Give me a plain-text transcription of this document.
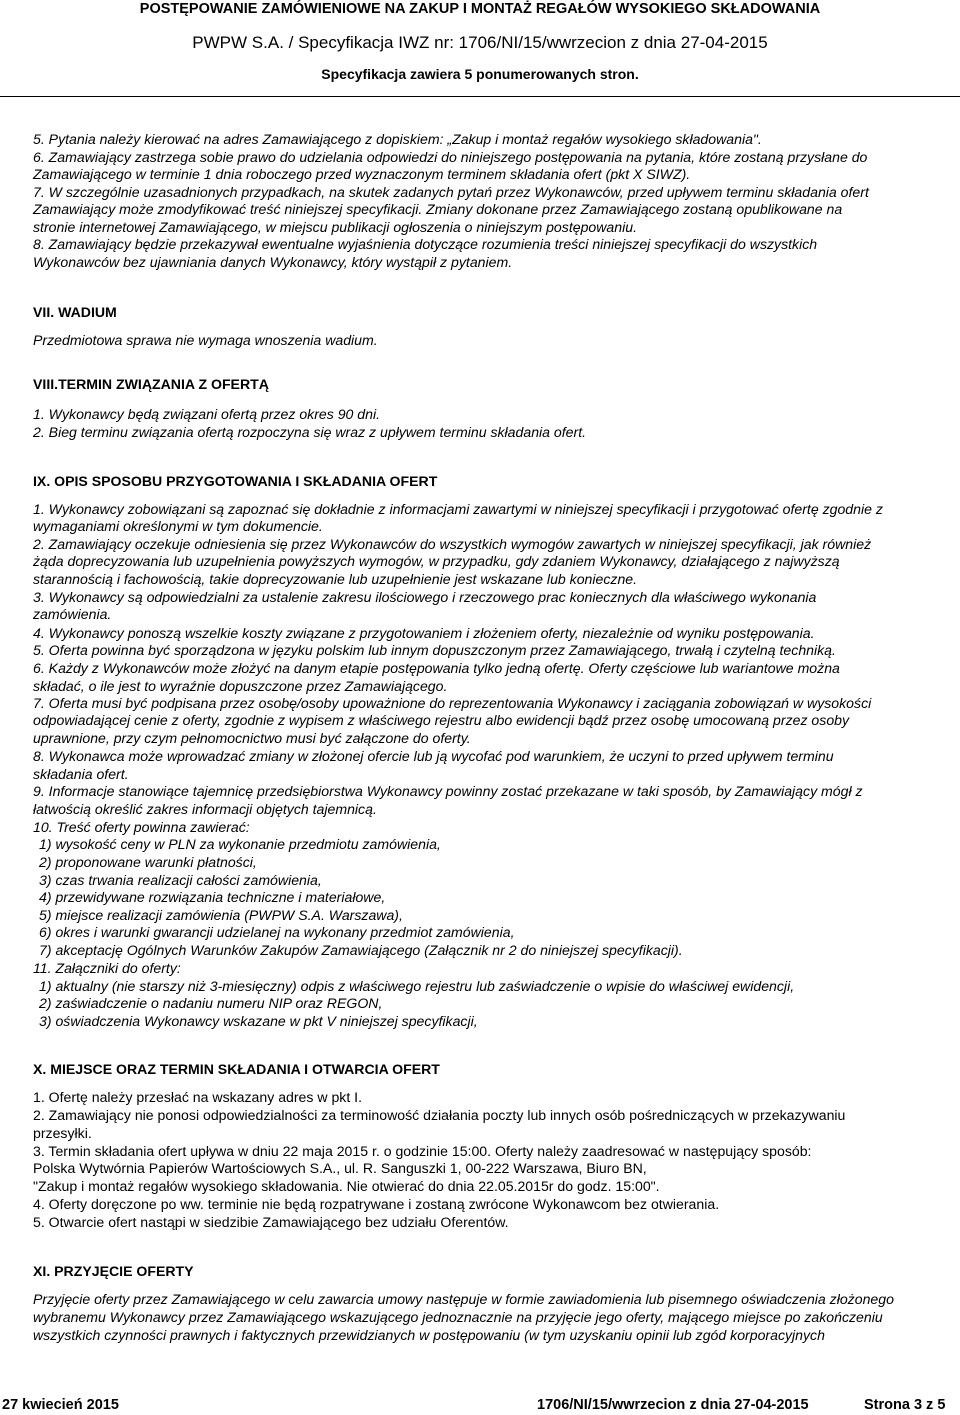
POSTĘPOWANIE ZAMÓWIENIOWE NA ZAKUP I MONTAŻ REGAŁÓW WYSOKIEGO SKŁADOWANIA
PWPW S.A. / Specyfikacja IWZ nr: 1706/NI/15/wwrzecion z dnia 27-04-2015
Specyfikacja zawiera 5 ponumerowanych stron.
5. Pytania należy kierować na adres Zamawiającego z dopiskiem: „Zakup i montaż regałów wysokiego składowania".
6. Zamawiający zastrzega sobie prawo do udzielania odpowiedzi do niniejszego postępowania na pytania, które zostaną przysłane do
Zamawiającego w terminie 1 dnia roboczego przed wyznaczonym terminem składania ofert (pkt X SIWZ).
7. W szczególnie uzasadnionych przypadkach, na skutek zadanych pytań przez Wykonawców, przed upływem terminu składania ofert
Zamawiający może zmodyfikować treść niniejszej specyfikacji. Zmiany dokonane przez Zamawiającego zostaną opublikowane na
stronie internetowej Zamawiającego, w miejscu publikacji ogłoszenia o niniejszym postępowaniu.
8. Zamawiający będzie przekazywał ewentualne wyjaśnienia dotyczące rozumienia treści niniejszej specyfikacji do wszystkich
Wykonawców bez ujawniania danych Wykonawcy, który wystąpił z pytaniem.
VII. WADIUM
Przedmiotowa sprawa nie wymaga wnoszenia wadium.
VIII.TERMIN ZWIĄZANIA Z OFERTĄ
1. Wykonawcy będą związani ofertą przez okres 90 dni.
2. Bieg terminu związania ofertą rozpoczyna się wraz z upływem terminu składania ofert.
IX. OPIS SPOSOBU PRZYGOTOWANIA I SKŁADANIA OFERT
1. Wykonawcy zobowiązani są zapoznać się dokładnie z informacjami zawartymi w niniejszej specyfikacji i przygotować ofertę zgodnie z
wymaganiami określonymi w tym dokumencie.
2. Zamawiający oczekuje odniesienia się przez Wykonawców do wszystkich wymogów zawartych w niniejszej specyfikacji, jak również
żąda doprecyzowania lub uzupełnienia powyższych wymogów, w przypadku, gdy zdaniem Wykonawcy, działającego z najwyższą
starannością i fachowością, takie doprecyzowanie lub uzupełnienie jest wskazane lub konieczne.
3. Wykonawcy są odpowiedzialni za ustalenie zakresu ilościowego i rzeczowego prac koniecznych dla właściwego wykonania
zamówienia.
4. Wykonawcy ponoszą wszelkie koszty związane z przygotowaniem i złożeniem oferty, niezależnie od wyniku postępowania.
5. Oferta powinna być sporządzona w języku polskim lub innym dopuszczonym przez Zamawiającego, trwałą i czytelną techniką.
6. Każdy z Wykonawców może złożyć na danym etapie postępowania tylko jedną ofertę. Oferty częściowe lub wariantowe można
składać, o ile jest to wyraźnie dopuszczone przez Zamawiającego.
7. Oferta musi być podpisana przez osobę/osoby upoważnione do reprezentowania Wykonawcy i zaciągania zobowiązań w wysokości
odpowiadającej cenie z oferty, zgodnie z wypisem z właściwego rejestru albo ewidencji bądź przez osobę umocowaną przez osoby
uprawnione, przy czym pełnomocnictwo musi być załączone do oferty.
8. Wykonawca może wprowadzać zmiany w złożonej ofercie lub ją wycofać pod warunkiem, że uczyni to przed upływem terminu
składania ofert.
9. Informacje stanowiące tajemnicę przedsiębiorstwa Wykonawcy powinny zostać przekazane w taki sposób, by Zamawiający mógł z
łatwością określić zakres informacji objętych tajemnicą.
10. Treść oferty powinna zawierać:
1) wysokość ceny w PLN za wykonanie przedmiotu zamówienia,
2) proponowane warunki płatności,
3) czas trwania realizacji całości zamówienia,
4) przewidywane rozwiązania techniczne i materiałowe,
5) miejsce realizacji zamówienia (PWPW S.A. Warszawa),
6) okres i warunki gwarancji udzielanej na wykonany przedmiot zamówienia,
7) akceptację Ogólnych Warunków Zakupów Zamawiającego (Załącznik nr 2 do niniejszej specyfikacji).
11. Załączniki do oferty:
1) aktualny (nie starszy niż 3-miesięczny) odpis z właściwego rejestru lub zaświadczenie o wpisie do właściwej ewidencji,
2) zaświadczenie o nadaniu numeru NIP oraz REGON,
3) oświadczenia Wykonawcy wskazane w pkt V niniejszej specyfikacji,
X. MIEJSCE ORAZ TERMIN SKŁADANIA I OTWARCIA OFERT
1. Ofertę należy przesłać na wskazany adres w pkt I.
2. Zamawiający nie ponosi odpowiedzialności za terminowość działania poczty lub innych osób pośredniczących w przekazywaniu
przesyłki.
3. Termin składania ofert upływa w dniu 22 maja 2015 r. o godzinie 15:00. Oferty należy zaadresować w następujący sposób:
Polska Wytwórnia Papierów Wartościowych S.A., ul. R. Sanguszki 1, 00-222 Warszawa, Biuro BN,
"Zakup i montaż regałów wysokiego składowania. Nie otwierać do dnia 22.05.2015r do godz. 15:00".
4. Oferty doręczone po ww. terminie nie będą rozpatrywane i zostaną zwrócone Wykonawcom bez otwierania.
5. Otwarcie ofert nastąpi w siedzibie Zamawiającego bez udziału Oferentów.
XI. PRZYJĘCIE OFERTY
Przyjęcie oferty przez Zamawiającego w celu zawarcia umowy następuje w formie zawiadomienia lub pisemnego oświadczenia złożonego
wybranemu Wykonawcy przez Zamawiającego wskazującego jednoznacznie na przyjęcie jego oferty, mającego miejsce po zakończeniu
wszystkich czynności prawnych i faktycznych przewidzianych w postępowaniu (w tym uzyskaniu opinii lub zgód korporacyjnych
27 kwiecień 2015	1706/NI/15/wwrzecion z dnia 27-04-2015	Strona 3 z 5
